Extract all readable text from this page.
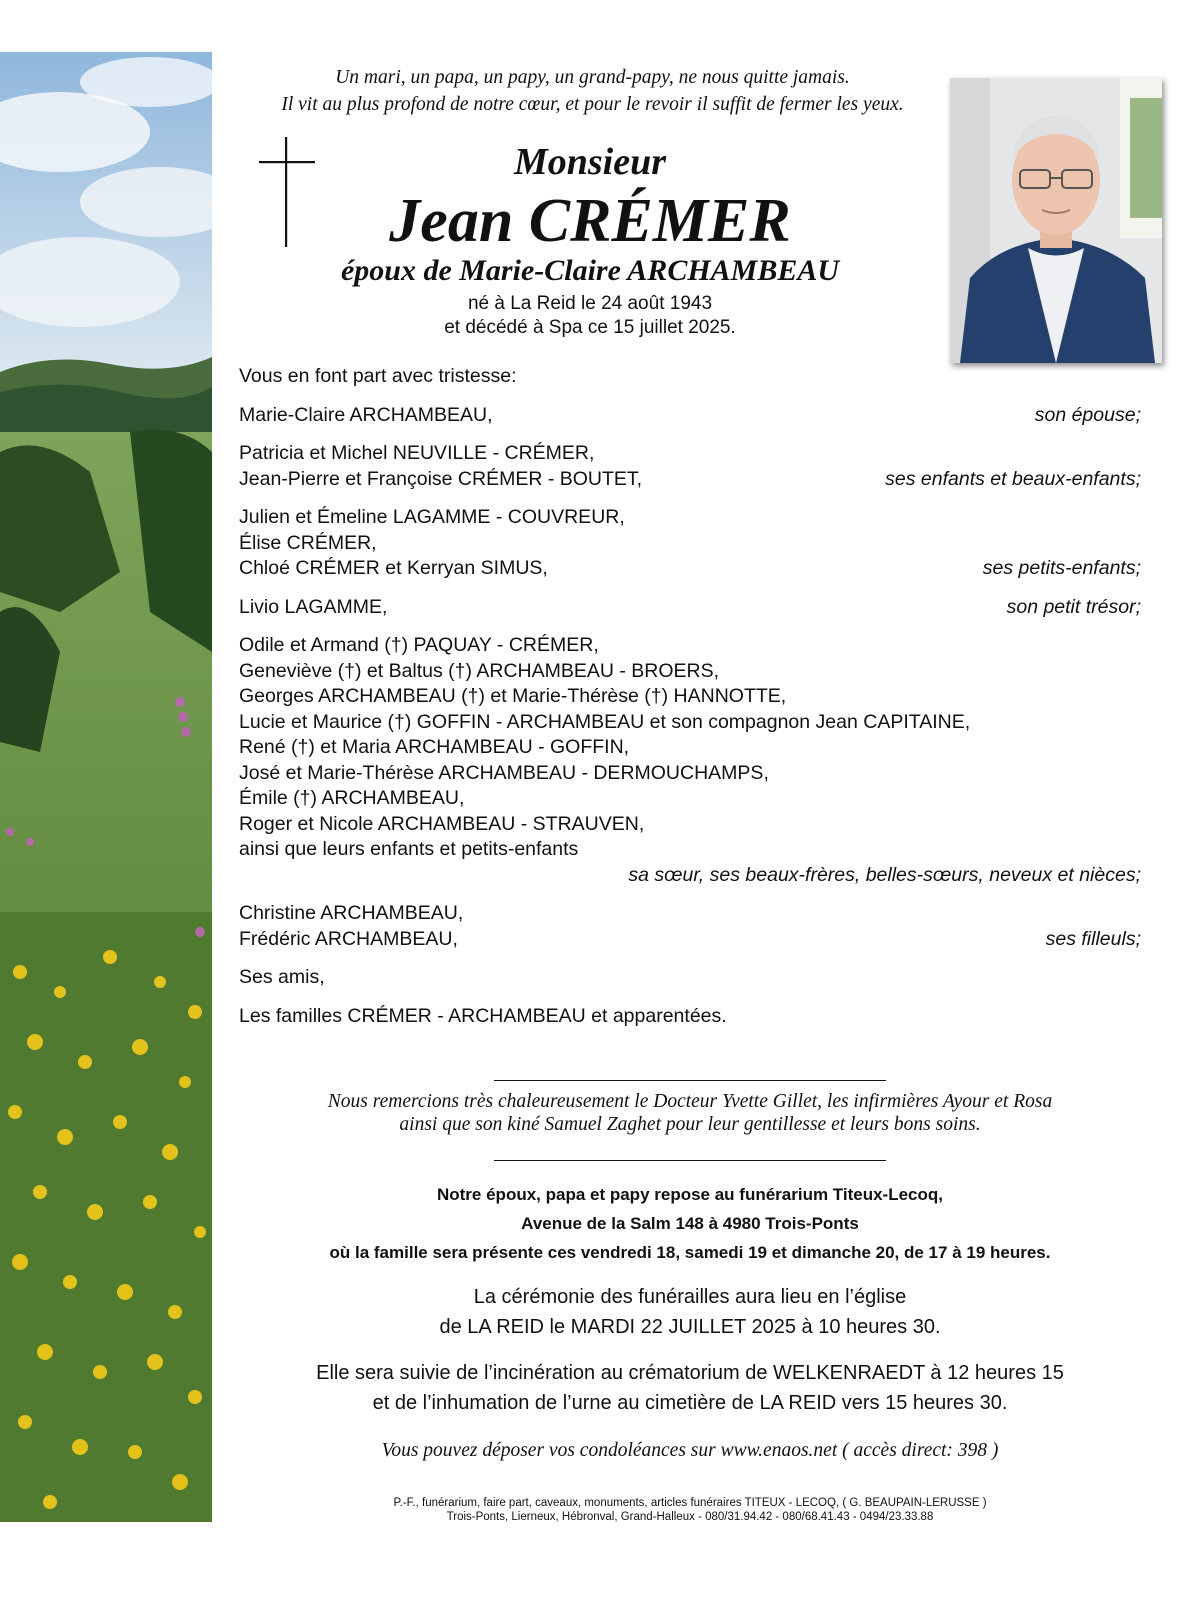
Un mari, un papa, un papy, un grand-papy, ne nous quitte jamais.
Il vit au plus profond de notre cœur, et pour le revoir il suffit de fermer les yeux.
Monsieur
Jean CRÉMER
époux de Marie-Claire ARCHAMBEAU
né à La Reid le 24 août 1943
et décédé à Spa ce 15 juillet 2025.
Vous en font part avec tristesse:
Marie-Claire ARCHAMBEAU,	son épouse;
Patricia et Michel NEUVILLE - CRÉMER,
Jean-Pierre et Françoise CRÉMER - BOUTET,	ses enfants et beaux-enfants;
Julien et Émeline LAGAMME - COUVREUR,
Élise CRÉMER,
Chloé CRÉMER et Kerryan SIMUS,	ses petits-enfants;
Livio LAGAMME,	son petit trésor;
Odile et Armand (†) PAQUAY - CRÉMER,
Geneviève (†) et Baltus (†) ARCHAMBEAU - BROERS,
Georges ARCHAMBEAU (†) et Marie-Thérèse (†) HANNOTTE,
Lucie et Maurice (†) GOFFIN - ARCHAMBEAU et son compagnon Jean CAPITAINE,
René (†) et Maria ARCHAMBEAU - GOFFIN,
José et Marie-Thérèse ARCHAMBEAU - DERMOUCHAMPS,
Émile (†) ARCHAMBEAU,
Roger et Nicole ARCHAMBEAU - STRAUVEN,
ainsi que leurs enfants et petits-enfants
sa sœur, ses beaux-frères, belles-sœurs, neveux et nièces;
Christine ARCHAMBEAU,
Frédéric ARCHAMBEAU,	ses filleuls;
Ses amis,
Les familles CRÉMER - ARCHAMBEAU et apparentées.
Nous remercions très chaleureusement le Docteur Yvette Gillet, les infirmières Ayour et Rosa
ainsi que son kiné Samuel Zaghet pour leur gentillesse et leurs bons soins.
Notre époux, papa et papy repose au funérarium Titeux-Lecoq,
Avenue de la Salm 148 à 4980 Trois-Ponts
où la famille sera présente ces vendredi 18, samedi 19 et dimanche 20, de 17 à 19 heures.
La cérémonie des funérailles aura lieu en l’église
de LA REID le MARDI 22 JUILLET 2025 à 10 heures 30.
Elle sera suivie de l’incinération au crématorium de WELKENRAEDT à 12 heures 15
et de l’inhumation de l’urne au cimetière de LA REID vers 15 heures 30.
Vous pouvez déposer vos condoléances sur www.enaos.net ( accès direct: 398 )
P.-F., funérarium, faire part, caveaux, monuments, articles funéraires TITEUX - LECOQ, ( G. BEAUPAIN-LERUSSE )
Trois-Ponts, Lierneux, Hébronval, Grand-Halleux - 080/31.94.42 - 080/68.41.43 - 0494/23.33.88
